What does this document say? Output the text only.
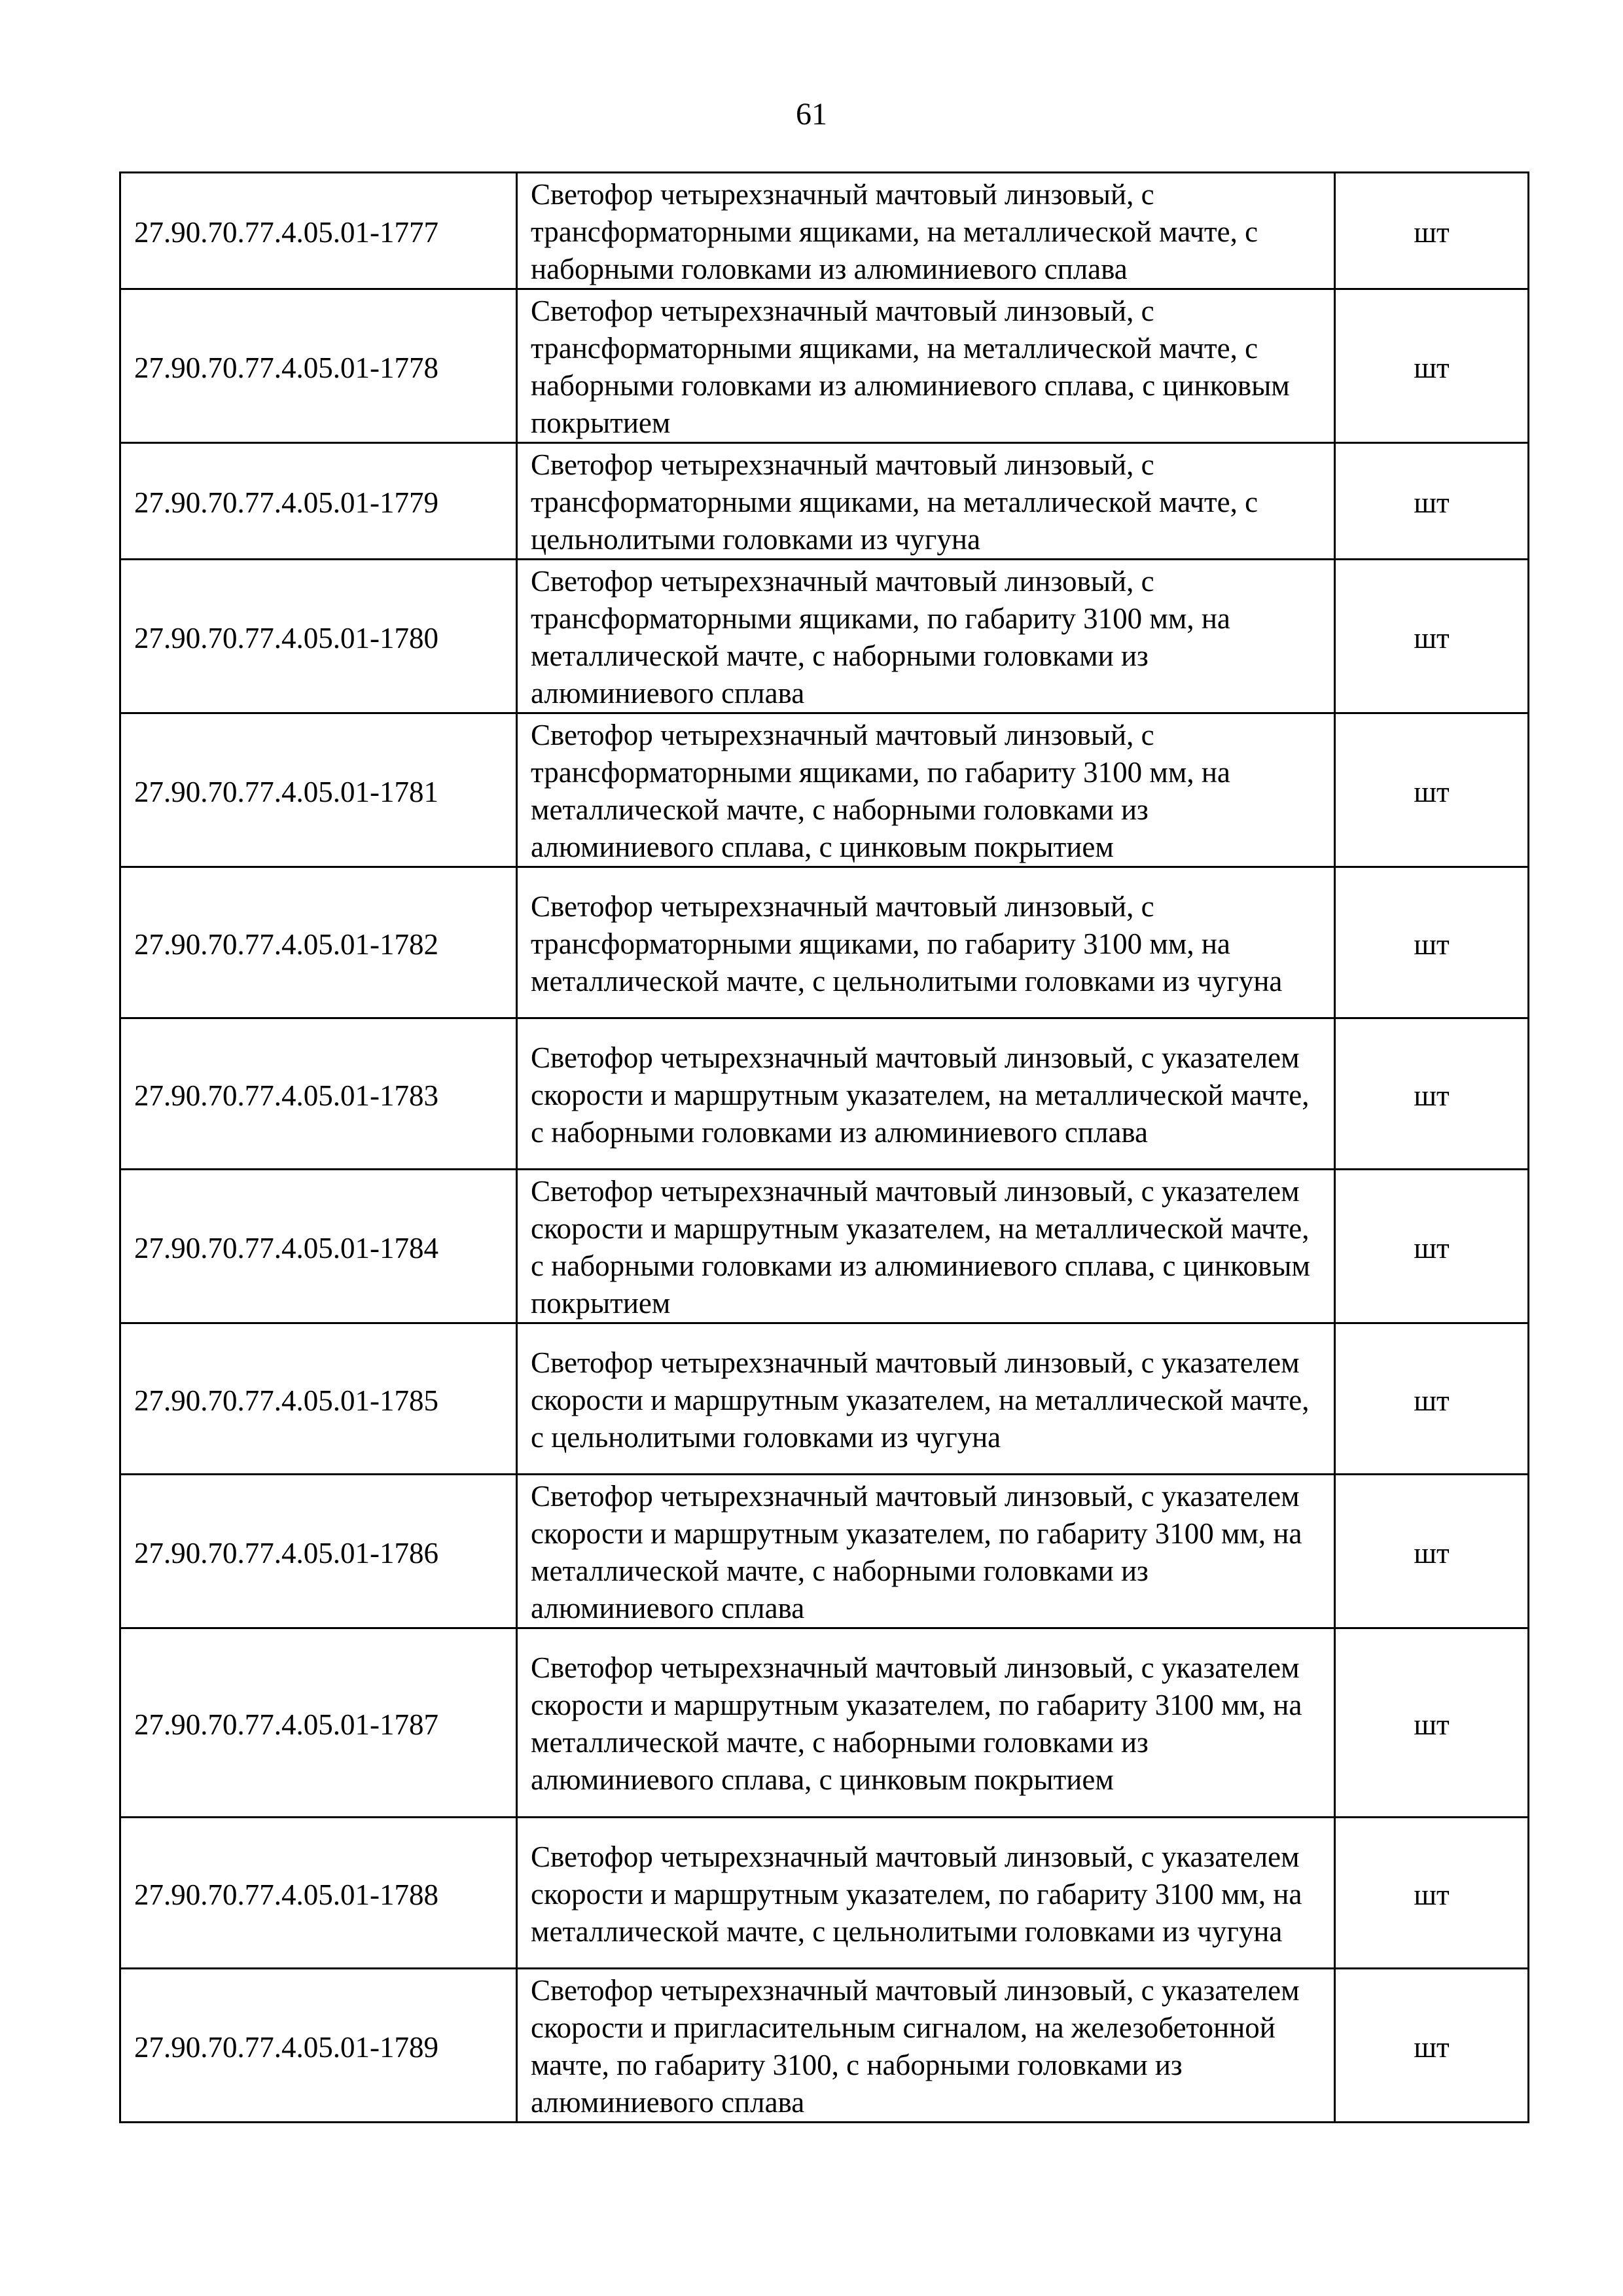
61
27.90.70.77.4.05.01-1777	Светофор четырехзначный мачтовый линзовый, с трансформаторными ящиками, на металлической мачте, с наборными головками из алюминиевого сплава	шт
27.90.70.77.4.05.01-1778	Светофор четырехзначный мачтовый линзовый, с трансформаторными ящиками, на металлической мачте, с наборными головками из алюминиевого сплава, с цинковым покрытием	шт
27.90.70.77.4.05.01-1779	Светофор четырехзначный мачтовый линзовый, с трансформаторными ящиками, на металлической мачте, с цельнолитыми головками из чугуна	шт
27.90.70.77.4.05.01-1780	Светофор четырехзначный мачтовый линзовый, с трансформаторными ящиками, по габариту 3100 мм, на металлической мачте, с наборными головками из алюминиевого сплава	шт
27.90.70.77.4.05.01-1781	Светофор четырехзначный мачтовый линзовый, с трансформаторными ящиками, по габариту 3100 мм, на металлической мачте, с наборными головками из алюминиевого сплава, с цинковым покрытием	шт
27.90.70.77.4.05.01-1782	Светофор четырехзначный мачтовый линзовый, с трансформаторными ящиками, по габариту 3100 мм, на металлической мачте, с цельнолитыми головками из чугуна	шт
27.90.70.77.4.05.01-1783	Светофор четырехзначный мачтовый линзовый, с указателем скорости и маршрутным указателем, на металлической мачте, с наборными головками из алюминиевого сплава	шт
27.90.70.77.4.05.01-1784	Светофор четырехзначный мачтовый линзовый, с указателем скорости и маршрутным указателем, на металлической мачте, с наборными головками из алюминиевого сплава, с цинковым покрытием	шт
27.90.70.77.4.05.01-1785	Светофор четырехзначный мачтовый линзовый, с указателем скорости и маршрутным указателем, на металлической мачте, с цельнолитыми головками из чугуна	шт
27.90.70.77.4.05.01-1786	Светофор четырехзначный мачтовый линзовый, с указателем скорости и маршрутным указателем, по габариту 3100 мм, на металлической мачте, с наборными головками из алюминиевого сплава	шт
27.90.70.77.4.05.01-1787	Светофор четырехзначный мачтовый линзовый, с указателем скорости и маршрутным указателем, по габариту 3100 мм, на металлической мачте, с наборными головками из алюминиевого сплава, с цинковым покрытием	шт
27.90.70.77.4.05.01-1788	Светофор четырехзначный мачтовый линзовый, с указателем скорости и маршрутным указателем, по габариту 3100 мм, на металлической мачте, с цельнолитыми головками из чугуна	шт
27.90.70.77.4.05.01-1789	Светофор четырехзначный мачтовый линзовый, с указателем скорости и пригласительным сигналом, на железобетонной мачте, по габариту 3100, с наборными головками из алюминиевого сплава	шт
